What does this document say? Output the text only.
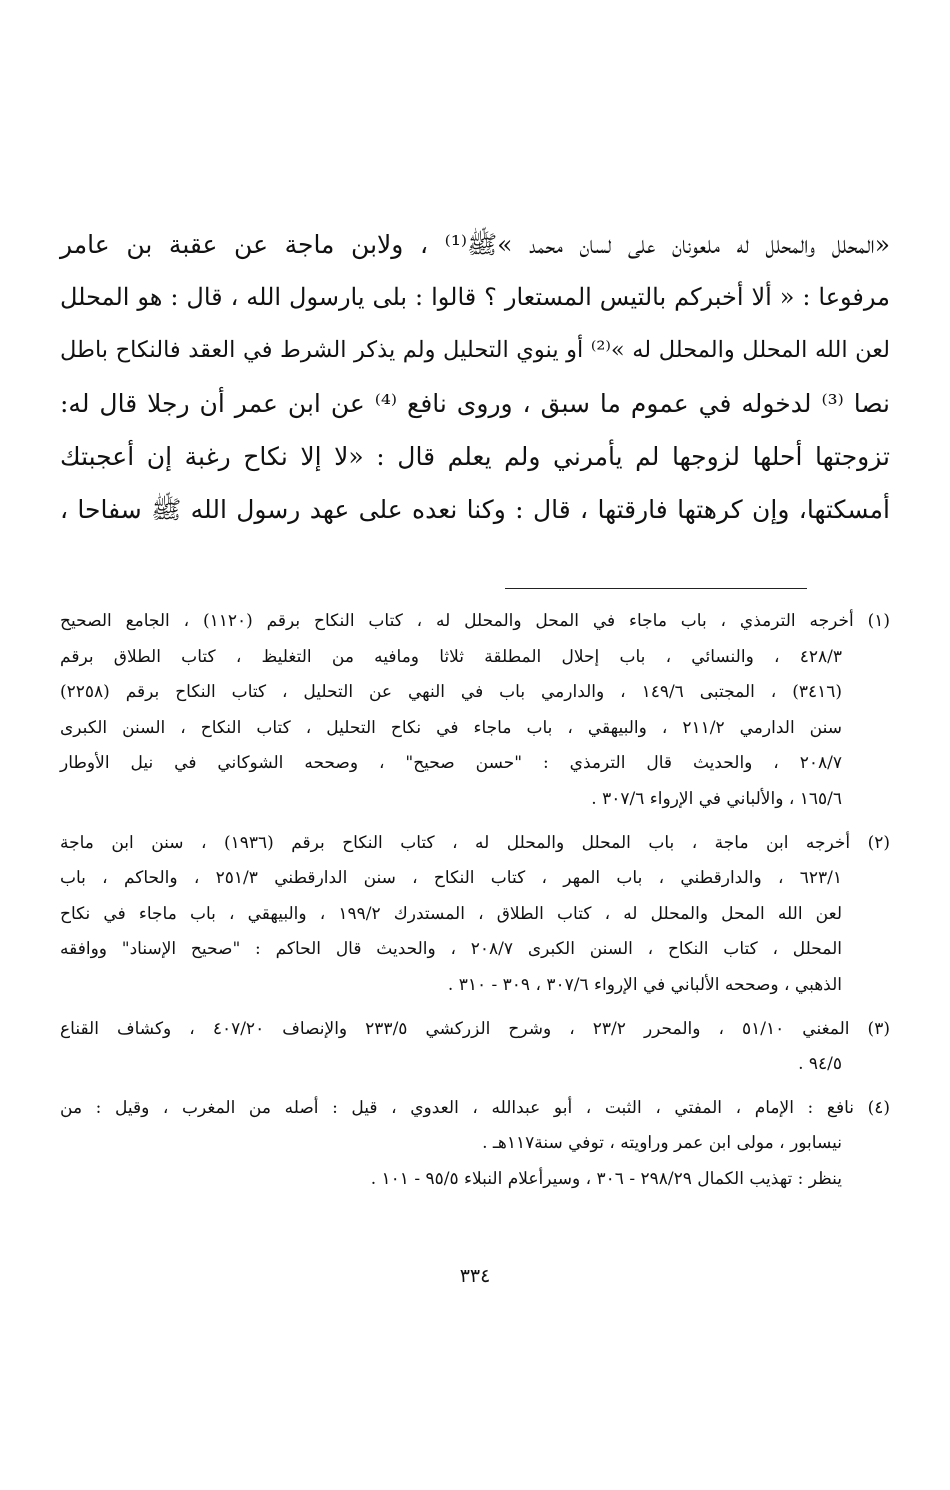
«المحلل والمحلل له ملعونان على لسان محمد »ﷺ⁽¹⁾ ، ولابن ماجة عن عقبة بن عامر
مرفوعا : « ألا أخبركم بالتيس المستعار ؟ قالوا : بلى يارسول الله ، قال : هو المحلل
لعن الله المحلل والمحلل له »⁽²⁾ أو ينوي التحليل ولم يذكر الشرط في العقد فالنكاح باطل
نصا ⁽³⁾ لدخوله في عموم ما سبق ، وروى نافع ⁽⁴⁾ عن ابن عمر أن رجلا قال له:
تزوجتها أحلها لزوجها لم يأمرني ولم يعلم قال : «لا إلا نكاح رغبة إن أعجبتك
أمسكتها، وإن كرهتها فارقتها ، قال : وكنا نعده على عهد رسول الله ﷺ سفاحا ،
(١) أخرجه الترمذي ، باب ماجاء في المحل والمحلل له ، كتاب النكاح برقم (١١٢٠) ، الجامع الصحيح
٤٢٨/٣ ، والنسائي ، باب إحلال المطلقة ثلاثا ومافيه من التغليظ ، كتاب الطلاق برقم
(٣٤١٦) ، المجتبى ١٤٩/٦ ، والدارمي باب في النهي عن التحليل ، كتاب النكاح برقم (٢٢٥٨)
سنن الدارمي ٢١١/٢ ، والبيهقي ، باب ماجاء في نكاح التحليل ، كتاب النكاح ، السنن الكبرى
٢٠٨/٧ ، والحديث قال الترمذي : "حسن صحيح" ، وصححه الشوكاني في نيل الأوطار
١٦٥/٦ ، والألباني في الإرواء ٣٠٧/٦ .
(٢) أخرجه ابن ماجة ، باب المحلل والمحلل له ، كتاب النكاح برقم (١٩٣٦) ، سنن ابن ماجة
٦٢٣/١ ، والدارقطني ، باب المهر ، كتاب النكاح ، سنن الدارقطني ٢٥١/٣ ، والحاكم ، باب
لعن الله المحل والمحلل له ، كتاب الطلاق ، المستدرك ١٩٩/٢ ، والبيهقي ، باب ماجاء في نكاح
المحلل ، كتاب النكاح ، السنن الكبرى ٢٠٨/٧ ، والحديث قال الحاكم : "صحيح الإسناد" ووافقه
الذهبي ، وصححه الألباني في الإرواء ٣٠٧/٦ ، ٣٠٩ - ٣١٠ .
(٣) المغني ٥١/١٠ ، والمحرر ٢٣/٢ ، وشرح الزركشي ٢٣٣/٥ والإنصاف ٤٠٧/٢٠ ، وكشاف القناع
٩٤/٥ .
(٤) نافع : الإمام ، المفتي ، الثبت ، أبو عبدالله ، العدوي ، قيل : أصله من المغرب ، وقيل : من
نيسابور ، مولى ابن عمر وراويته ، توفي سنة١١٧هـ .
ينظر : تهذيب الكمال ٢٩٨/٢٩ - ٣٠٦ ، وسيرأعلام النبلاء ٩٥/٥ - ١٠١ .
٣٣٤
